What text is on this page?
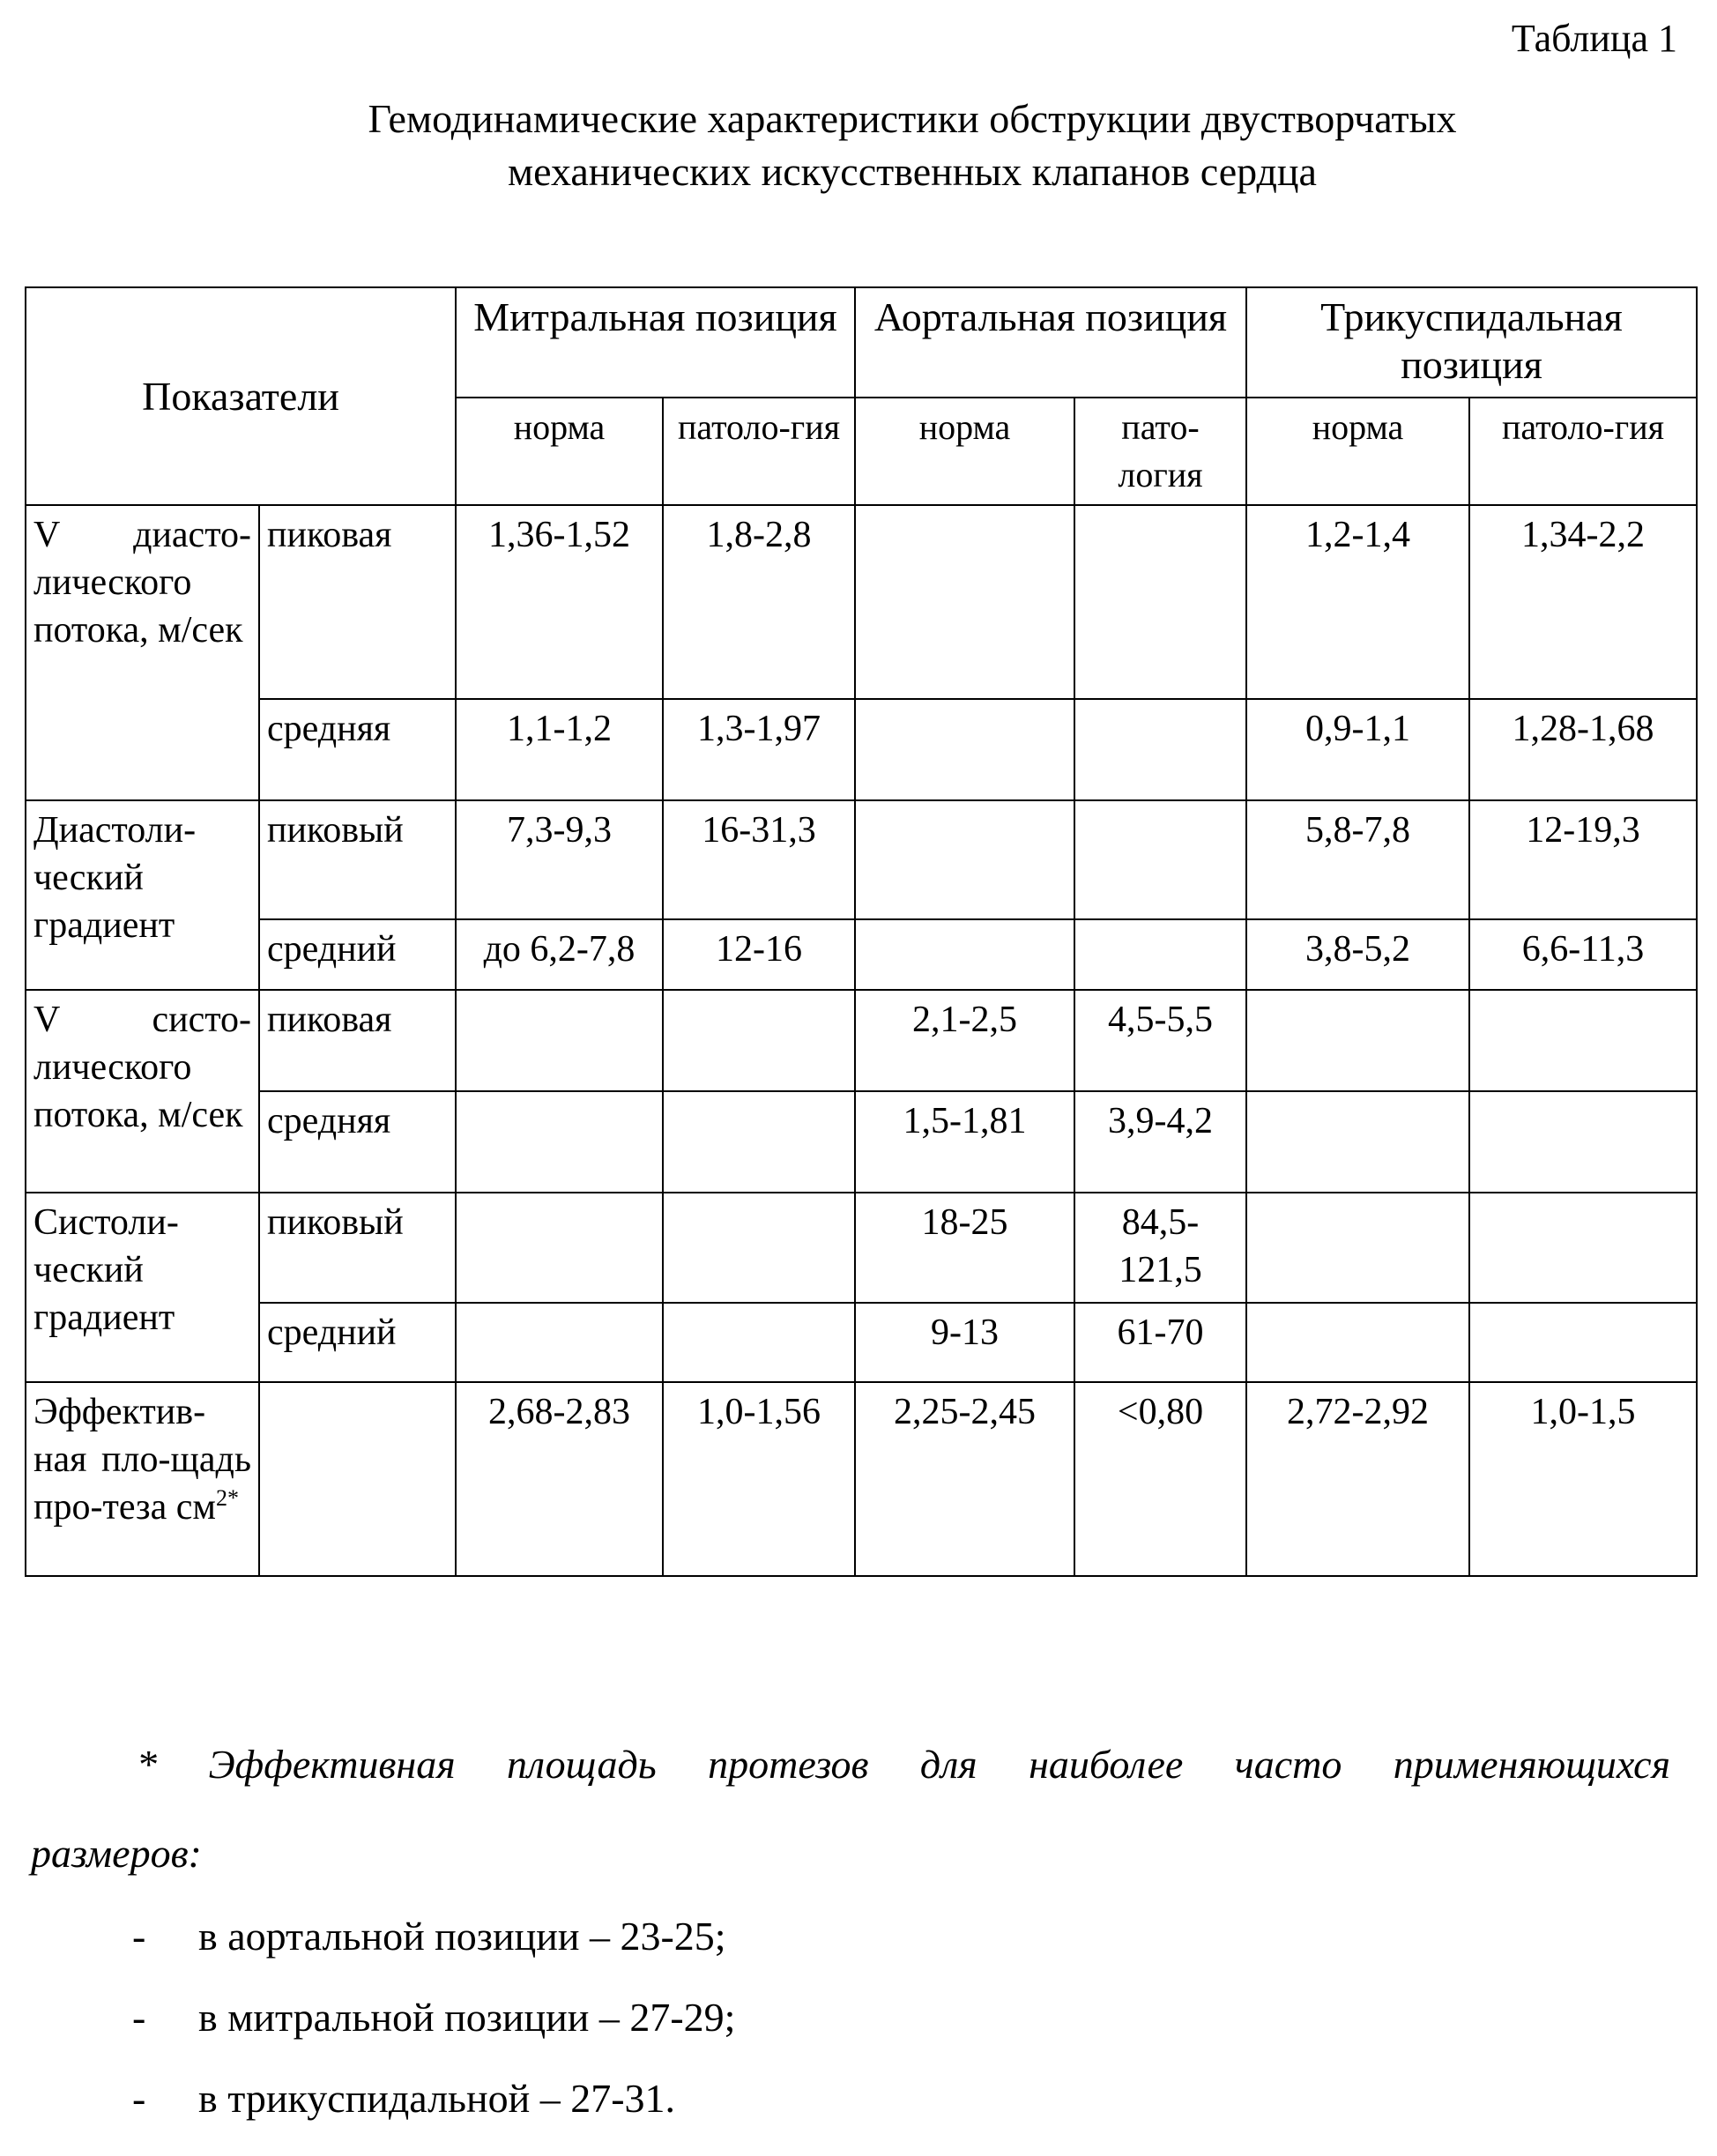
Таблица 1
Гемодинамические характеристики обструкции двустворчатых
механических искусственных клапанов сердца
Показатели		Митральная позиция		Аортальная позиция		Трикуспидальная позиция	
		норма	патоло-гия	норма	пато-логия	норма	патоло-гия
V диасто-лического потока, м/сек	пиковая	1,36-1,52	1,8-2,8			1,2-1,4	1,34-2,2
	средняя	1,1-1,2	1,3-1,97			0,9-1,1	1,28-1,68
Диастоли-ческий градиент	пиковый	7,3-9,3	16-31,3			5,8-7,8	12-19,3
	средний	до 6,2-7,8	12-16			3,8-5,2	6,6-11,3
V систо-лического потока, м/сек	пиковая			2,1-2,5	4,5-5,5		
	средняя			1,5-1,81	3,9-4,2		
Систоли-ческий градиент	пиковый			18-25	84,5-121,5		
	средний			9-13	61-70		
Эффектив-ная пло-щадь про-теза $см^{2*}$		2,68-2,83	1,0-1,56	2,25-2,45	<0,80	2,72-2,92	1,0-1,5
* Эффективная площадь протезов для наиболее часто применяющихся
размеров:
- в аортальной позиции – 23-25;
- в митральной позиции – 27-29;
- в трикуспидальной – 27-31.
